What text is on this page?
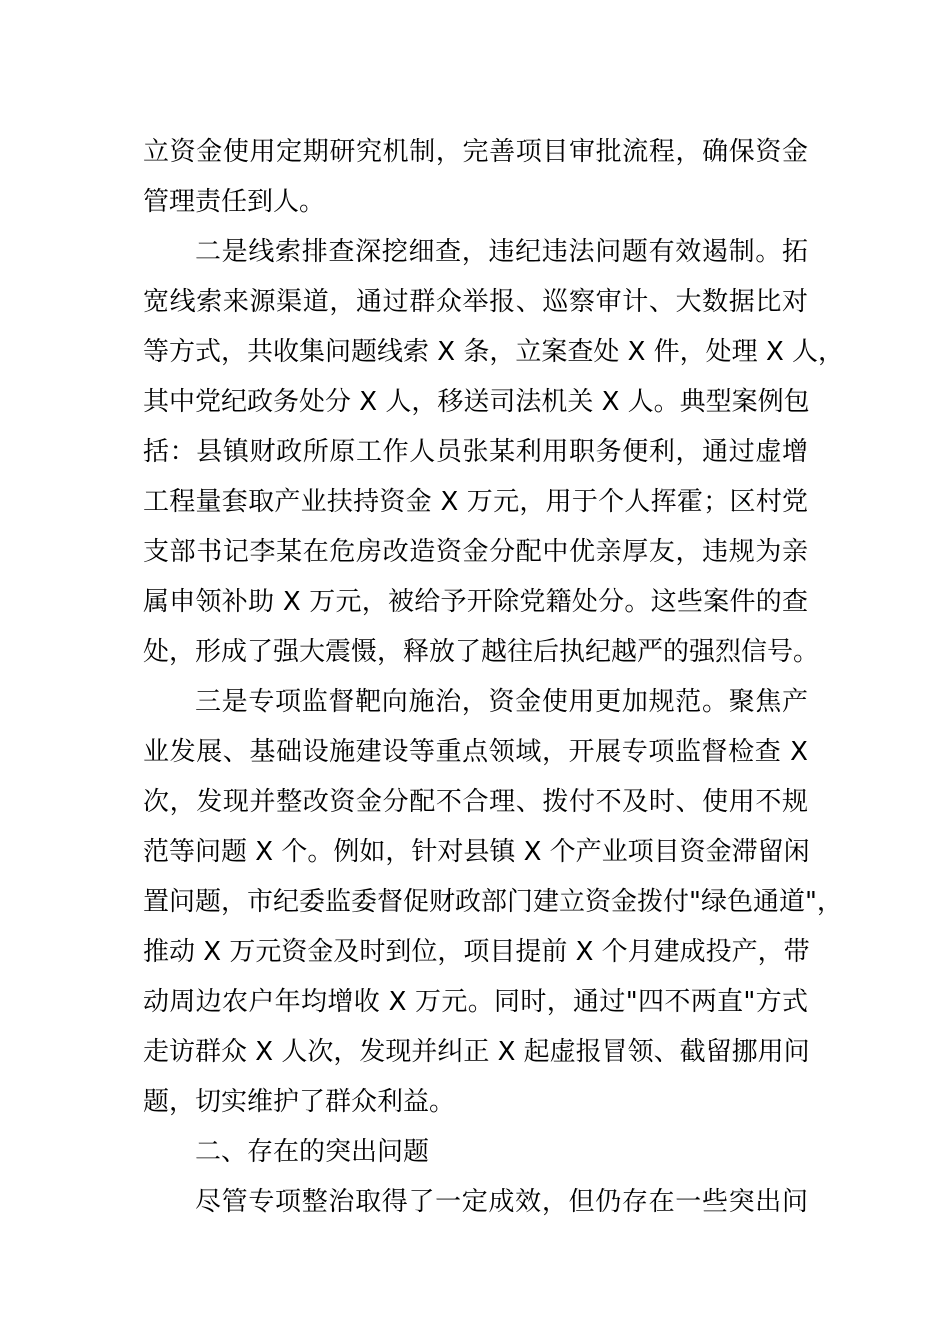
立资金使用定期研究机制，完善项目审批流程，确保资金
管理责任到人。
二是线索排查深挖细查，违纪违法问题有效遏制。拓
宽线索来源渠道，通过群众举报、巡察审计、大数据比对
等方式，共收集问题线索 X 条，立案查处 X 件，处理 X 人，
其中党纪政务处分 X 人，移送司法机关 X 人。典型案例包
括：县镇财政所原工作人员张某利用职务便利，通过虚增
工程量套取产业扶持资金 X 万元，用于个人挥霍；区村党
支部书记李某在危房改造资金分配中优亲厚友，违规为亲
属申领补助 X 万元，被给予开除党籍处分。这些案件的查
处，形成了强大震慑，释放了越往后执纪越严的强烈信号。
三是专项监督靶向施治，资金使用更加规范。聚焦产
业发展、基础设施建设等重点领域，开展专项监督检查 X
次，发现并整改资金分配不合理、拨付不及时、使用不规
范等问题 X 个。例如，针对县镇 X 个产业项目资金滞留闲
置问题，市纪委监委督促财政部门建立资金拨付"绿色通道"，
推动 X 万元资金及时到位，项目提前 X 个月建成投产，带
动周边农户年均增收 X 万元。同时，通过"四不两直"方式
走访群众 X 人次，发现并纠正 X 起虚报冒领、截留挪用问
题，切实维护了群众利益。
二、存在的突出问题
尽管专项整治取得了一定成效，但仍存在一些突出问
